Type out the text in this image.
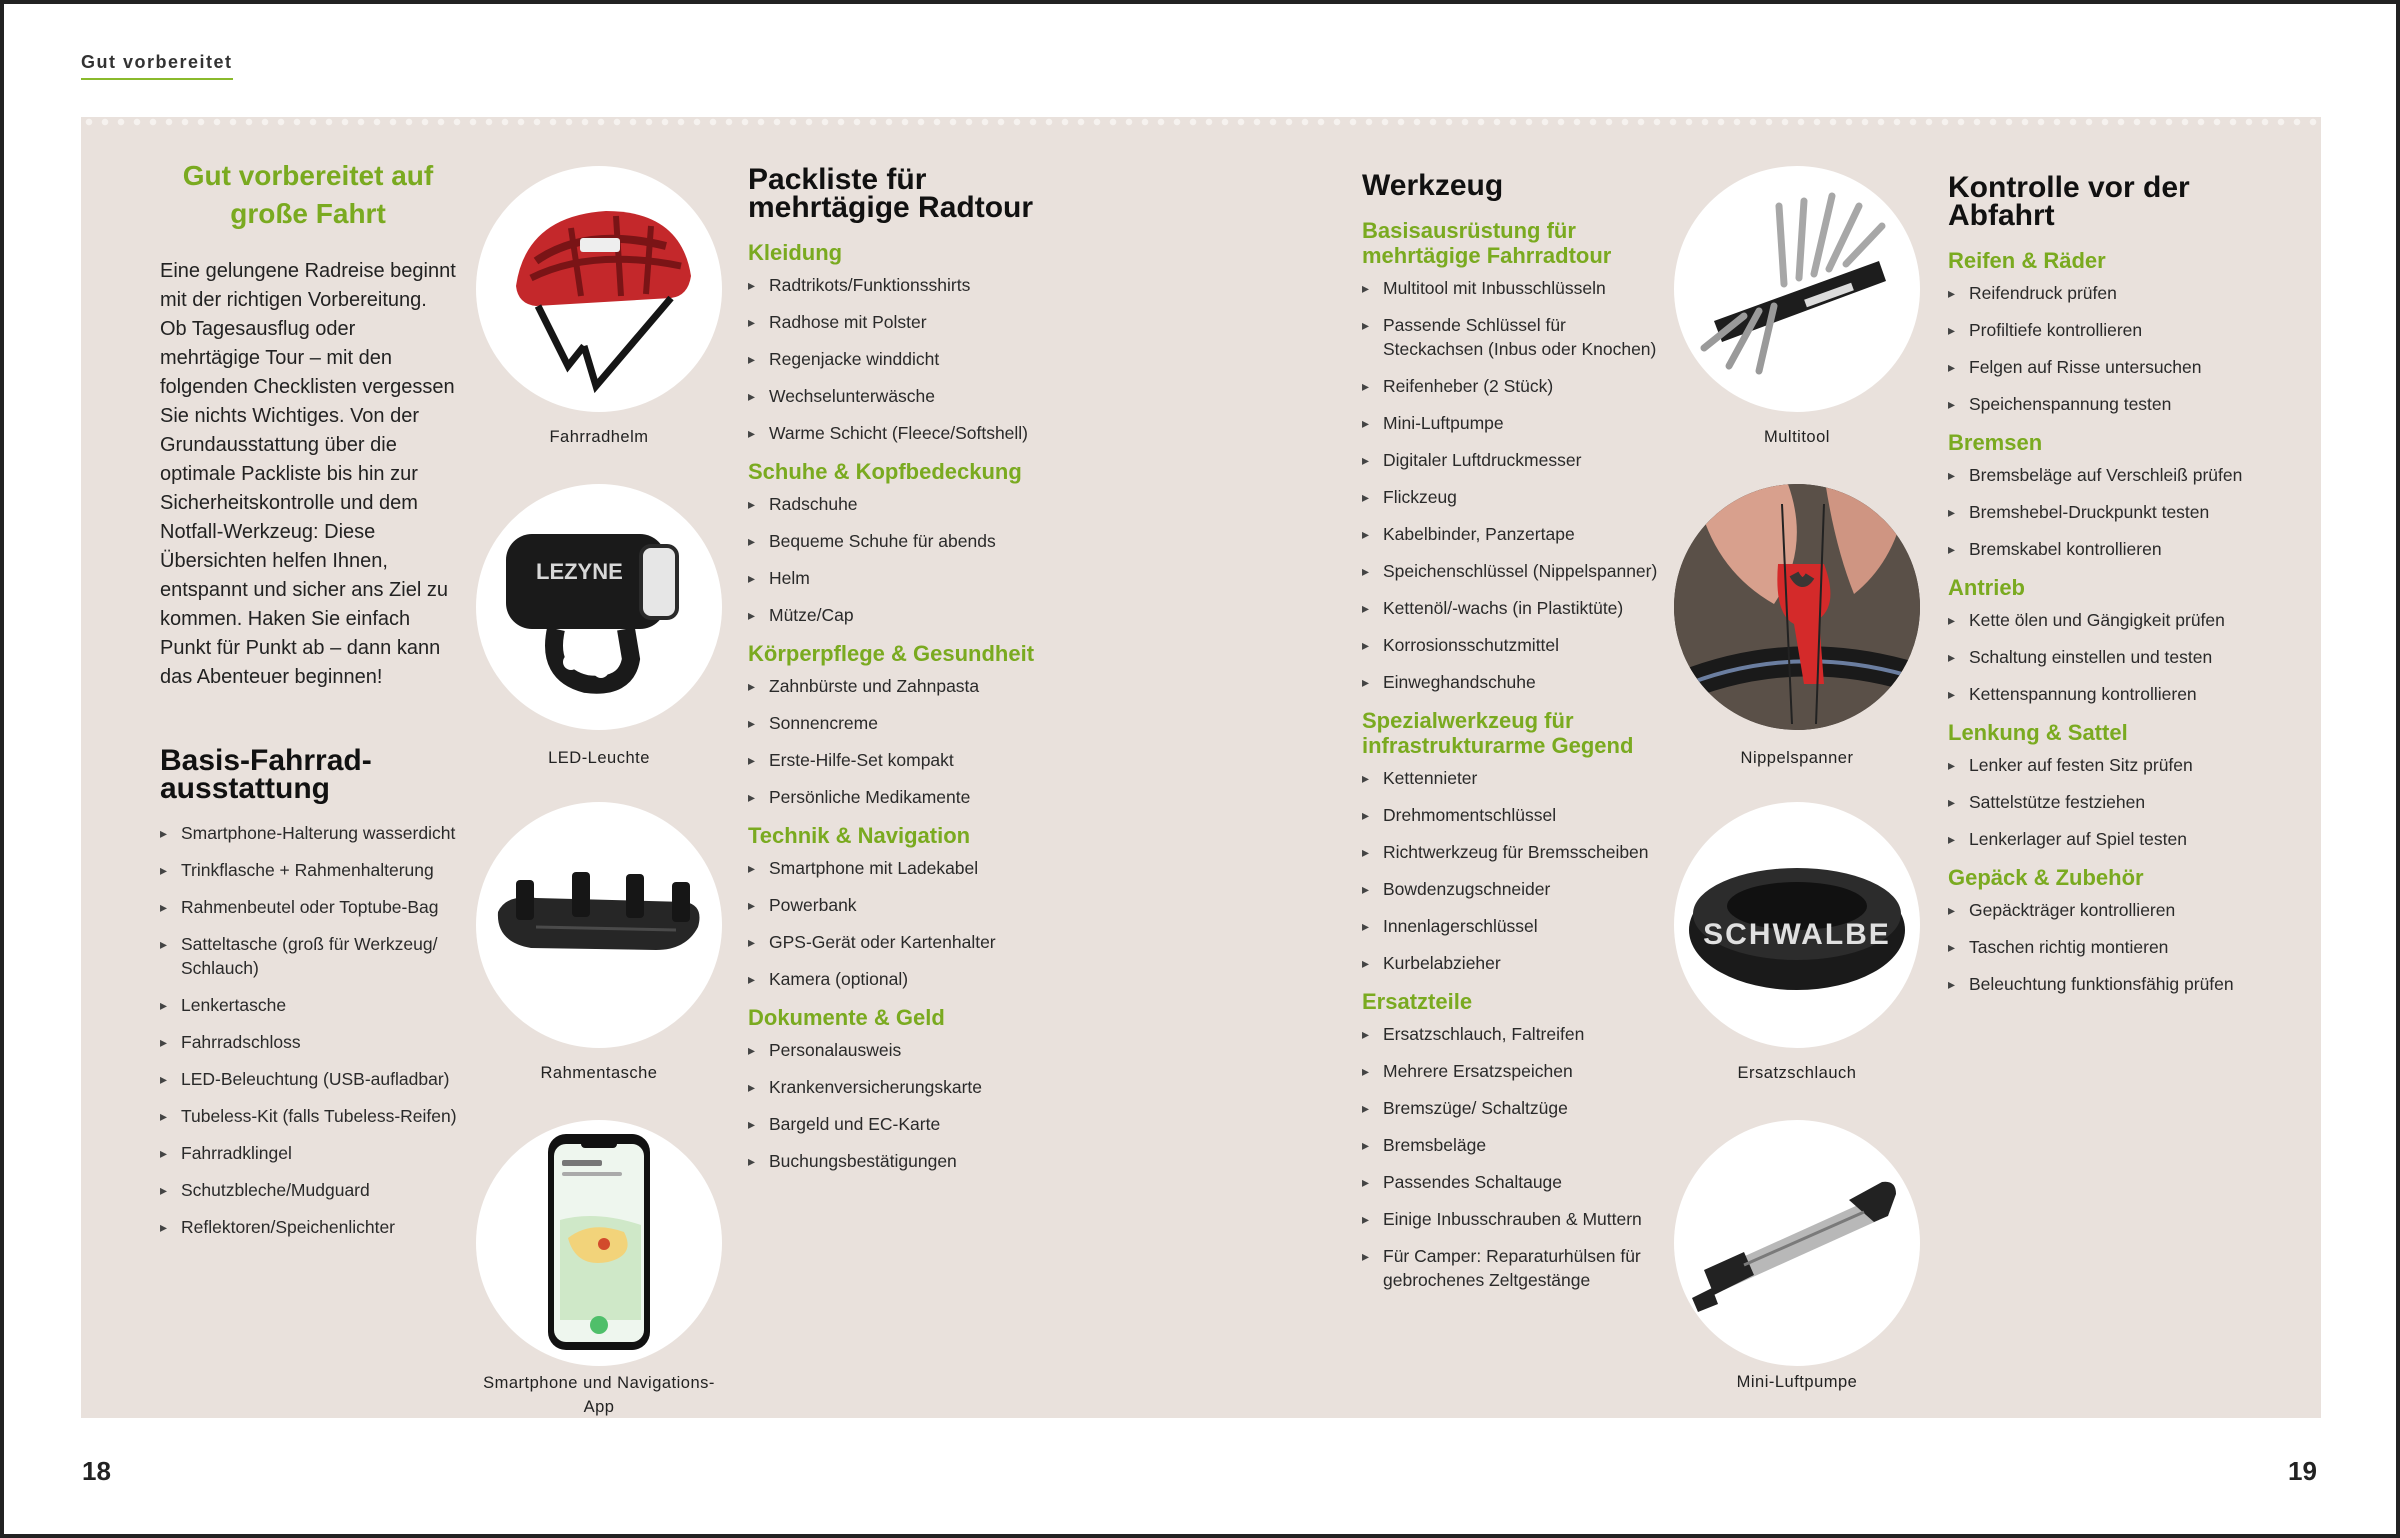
Gut vorbereitet
Gut vorbereitet auf große Fahrt

Eine gelungene Radreise beginnt mit der richtigen Vorbereitung. Ob Tagesausflug oder mehrtägige Tour – mit den folgenden Checklisten vergessen Sie nichts Wichtiges. Von der Grundausstattung über die optimale Packliste bis hin zur Sicherheitskontrolle und dem Notfall-Werkzeug: Diese Übersichten helfen Ihnen, entspannt und sicher ans Ziel zu kommen. Haken Sie einfach Punkt für Punkt ab – dann kann das Abenteuer beginnen!

Basis-Fahrrad-ausstattung
▸ Smartphone-Halterung wasserdicht
▸ Trinkflasche + Rahmenhalterung
▸ Rahmenbeutel oder Toptube-Bag
▸ Satteltasche (groß für Werkzeug/ Schlauch)
▸ Lenkertasche
▸ Fahrradschloss
▸ LED-Beleuchtung (USB-aufladbar)
▸ Tubeless-Kit (falls Tubeless-Reifen)
▸ Fahrradklingel
▸ Schutzbleche/Mudguard
▸ Reflektoren/Speichenlichter
Fahrradhelm
LEZYNE
LED-Leuchte
Rahmentasche
Smartphone und Navigations-App
Packliste für mehrtägige Radtour
Kleidung
▸ Radtrikots/Funktionsshirts
▸ Radhose mit Polster
▸ Regenjacke winddicht
▸ Wechselunterwäsche
▸ Warme Schicht (Fleece/Softshell)
Schuhe & Kopfbedeckung
▸ Radschuhe
▸ Bequeme Schuhe für abends
▸ Helm
▸ Mütze/Cap
Körperpflege & Gesundheit
▸ Zahnbürste und Zahnpasta
▸ Sonnencreme
▸ Erste-Hilfe-Set kompakt
▸ Persönliche Medikamente
Technik & Navigation
▸ Smartphone mit Ladekabel
▸ Powerbank
▸ GPS-Gerät oder Kartenhalter
▸ Kamera (optional)
Dokumente & Geld
▸ Personalausweis
▸ Krankenversicherungskarte
▸ Bargeld und EC-Karte
▸ Buchungsbestätigungen
Werkzeug
Basisausrüstung für mehrtägige Fahrradtour
▸ Multitool mit Inbusschlüsseln
▸ Passende Schlüssel für Steckachsen (Inbus oder Knochen)
▸ Reifenheber (2 Stück)
▸ Mini-Luftpumpe
▸ Digitaler Luftdruckmesser
▸ Flickzeug
▸ Kabelbinder, Panzertape
▸ Speichenschlüssel (Nippelspanner)
▸ Kettenöl/-wachs (in Plastiktüte)
▸ Korrosionsschutzmittel
▸ Einweghandschuhe
Spezialwerkzeug für infrastrukturarme Gegend
▸ Kettennieter
▸ Drehmomentschlüssel
▸ Richtwerkzeug für Bremsscheiben
▸ Bowdenzugschneider
▸ Innenlagerschlüssel
▸ Kurbelabzieher
Ersatzteile
▸ Ersatzschlauch, Faltreifen
▸ Mehrere Ersatzspeichen
▸ Bremszüge/ Schaltzüge
▸ Bremsbeläge
▸ Passendes Schaltauge
▸ Einige Inbusschrauben & Muttern
▸ Für Camper: Reparaturhülsen für gebrochenes Zeltgestänge
Multitool
Nippelspanner
SCHWALBE
Ersatzschlauch
Mini-Luftpumpe
Kontrolle vor der Abfahrt
Reifen & Räder
▸ Reifendruck prüfen
▸ Profiltiefe kontrollieren
▸ Felgen auf Risse untersuchen
▸ Speichenspannung testen
Bremsen
▸ Bremsbeläge auf Verschleiß prüfen
▸ Bremshebel-Druckpunkt testen
▸ Bremskabel kontrollieren
Antrieb
▸ Kette ölen und Gängigkeit prüfen
▸ Schaltung einstellen und testen
▸ Kettenspannung kontrollieren
Lenkung & Sattel
▸ Lenker auf festen Sitz prüfen
▸ Sattelstütze festziehen
▸ Lenkerlager auf Spiel testen
Gepäck & Zubehör
▸ Gepäckträger kontrollieren
▸ Taschen richtig montieren
▸ Beleuchtung funktionsfähig prüfen
18	19
